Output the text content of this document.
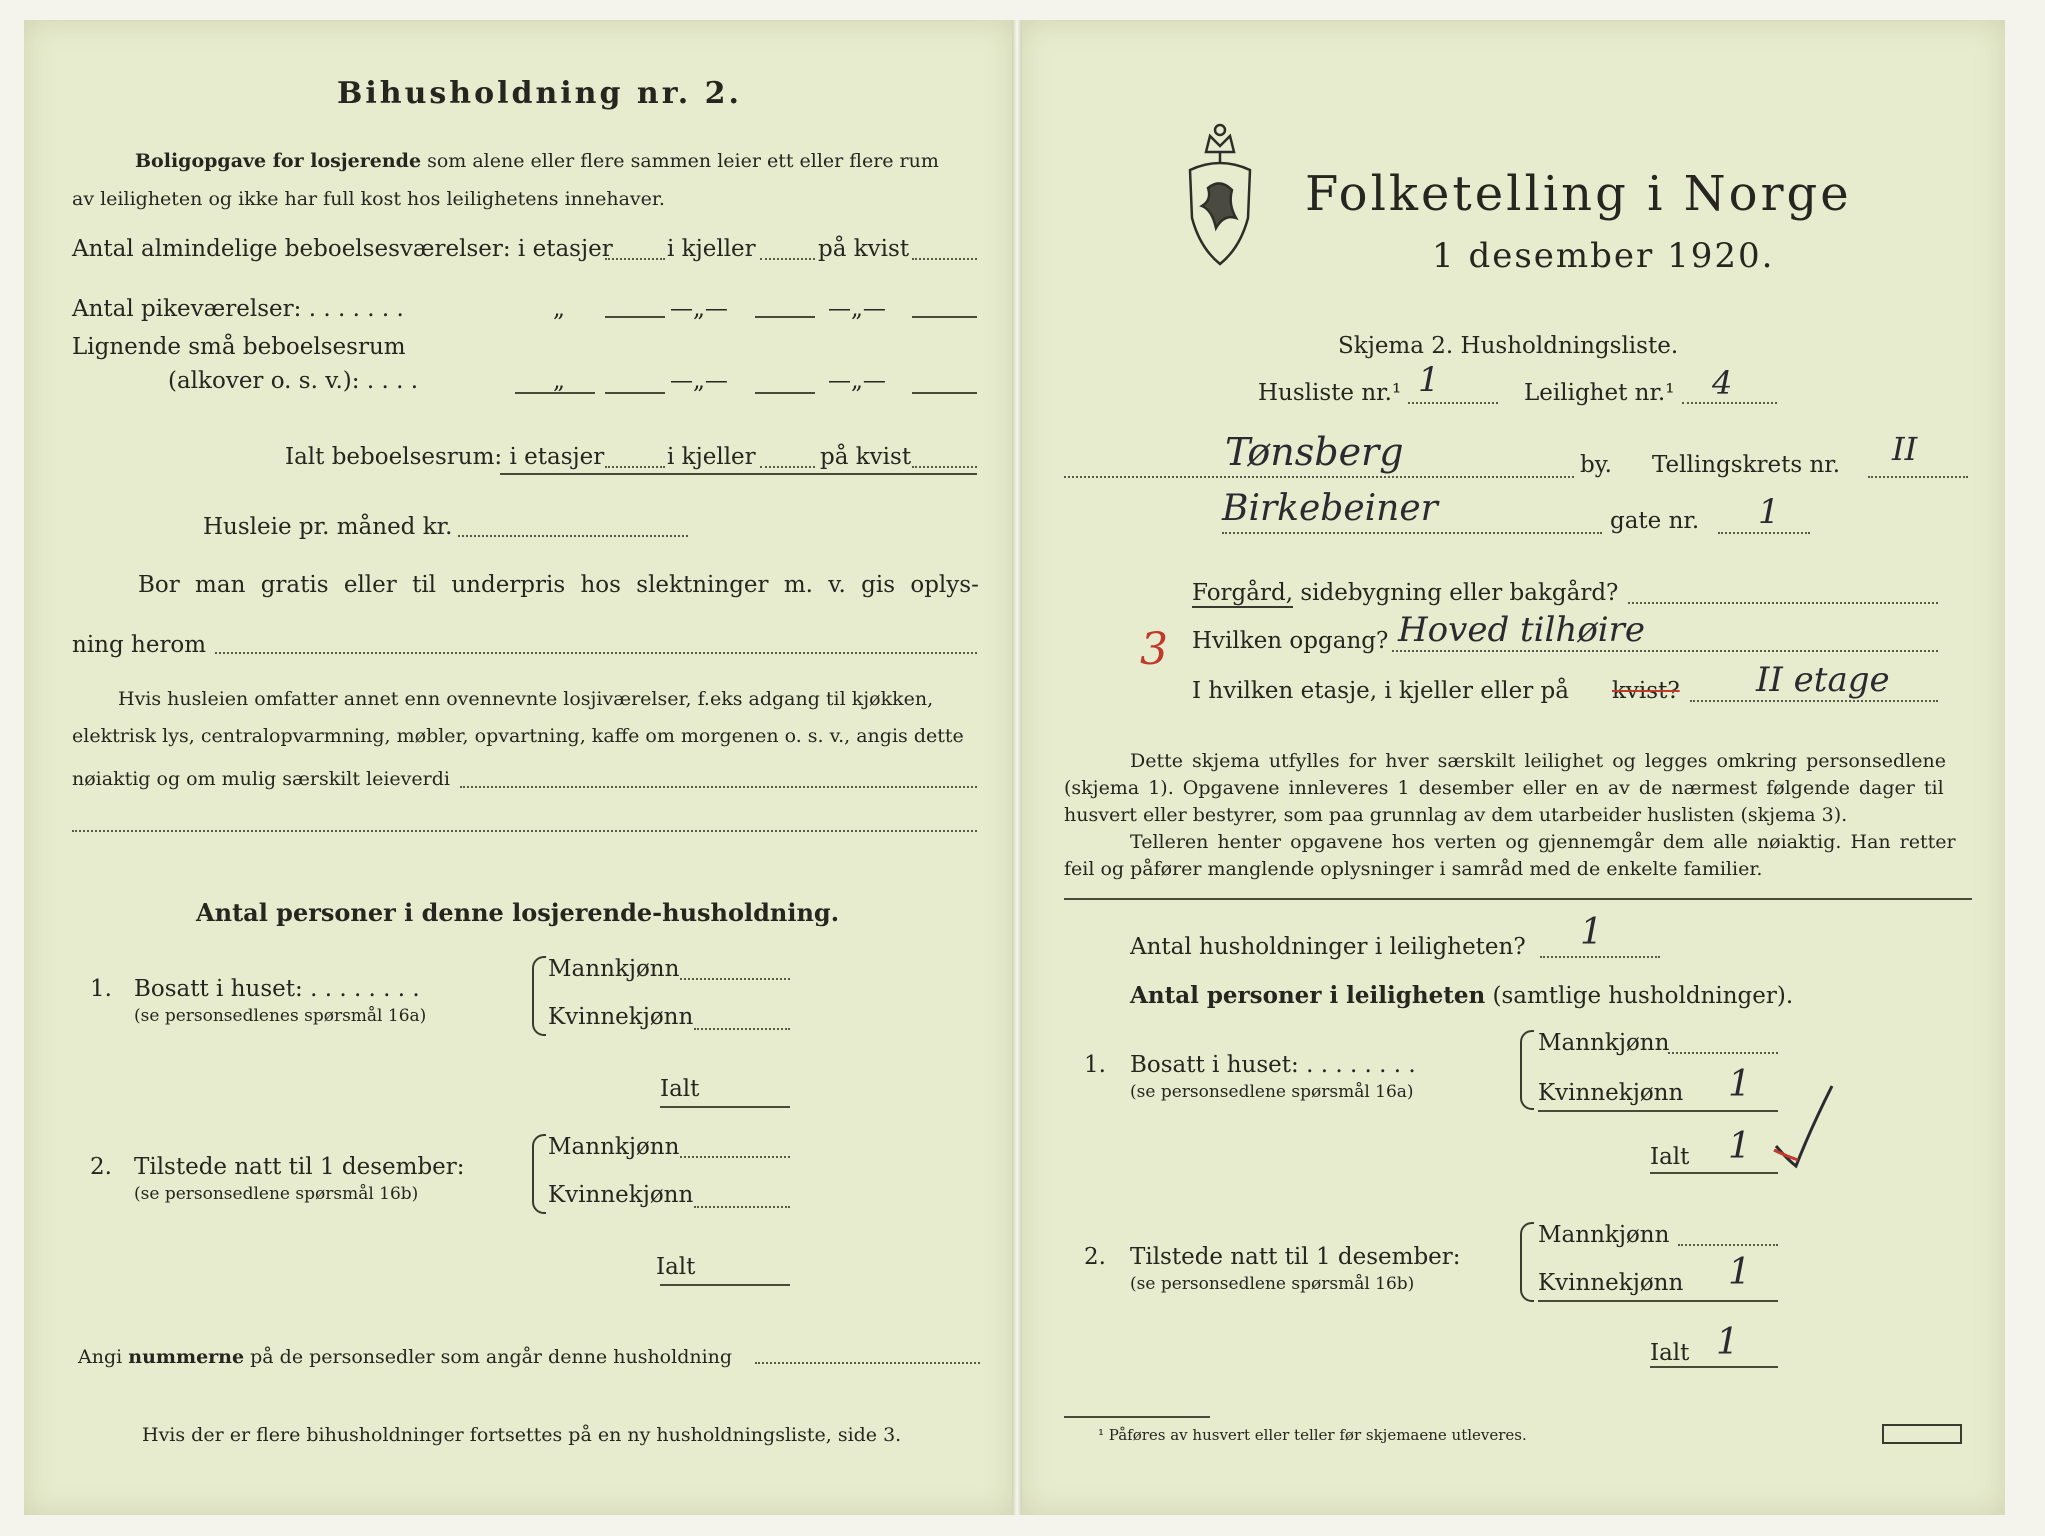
Bihusholdning nr. 2.
Boligopgave for losjerende som alene eller flere sammen leier ett eller flere rum
av leiligheten og ikke har full kost hos leilighetens innehaver.
Antal almindelige beboelsesværelser: i etasjer i kjeller	på kvist
Antal pikeværelser: . . . . . . .	„	—„—	—„—
Lignende små beboelsesrum
(alkover o. s. v.): . . . .	„	—„—	—„—
Ialt beboelsesrum: i etasjer	i kjeller	på kvist
Husleie pr. måned kr.
Bor man gratis eller til underpris hos slektninger m. v. gis oplys-
ning herom
Hvis husleien omfatter annet enn ovennevnte losjiværelser, f.eks adgang til kjøkken,
elektrisk lys, centralopvarmning, møbler, opvartning, kaffe om morgenen o. s. v., angis dette
nøiaktig og om mulig særskilt leieverdi
Antal personer i denne losjerende-husholdning.
1. Bosatt i huset: . . . . . . . .
(se personsedlenes spørsmål 16a)
Mannkjønn
Kvinnekjønn
Ialt
2. Tilstede natt til 1 desember:
(se personsedlene spørsmål 16b)
Mannkjønn
Kvinnekjønn
Ialt
Angi nummerne på de personsedler som angår denne husholdning
Hvis der er flere bihusholdninger fortsettes på en ny husholdningsliste, side 3.
Folketelling i Norge
1 desember 1920.
Skjema 2. Husholdningsliste.
Husliste nr.¹ 1	Leilighet nr.¹ 4
Tønsberg	by. Tellingskrets nr. II
Birkebeiner	gate nr. 1
Forgård, sidebygning eller bakgård?
3 Hvilken opgang? Hoved tilhøire
I hvilken etasje, i kjeller eller på kvist? II etage
Dette skjema utfylles for hver særskilt leilighet og legges omkring personsedlene
(skjema 1). Opgavene innleveres 1 desember eller en av de nærmest følgende dager til
husvert eller bestyrer, som paa grunnlag av dem utarbeider huslisten (skjema 3).
Telleren henter opgavene hos verten og gjennemgår dem alle nøiaktig. Han retter
feil og påfører manglende oplysninger i samråd med de enkelte familier.
Antal husholdninger i leiligheten? 1
Antal personer i leiligheten (samtlige husholdninger).
1. Bosatt i huset: . . . . . . . .
(se personsedlene spørsmål 16a)
Mannkjønn
Kvinnekjønn 1
Ialt 1
2. Tilstede natt til 1 desember:
(se personsedlene spørsmål 16b)
Mannkjønn
Kvinnekjønn 1
Ialt 1
¹ Påføres av husvert eller teller før skjemaene utleveres.
